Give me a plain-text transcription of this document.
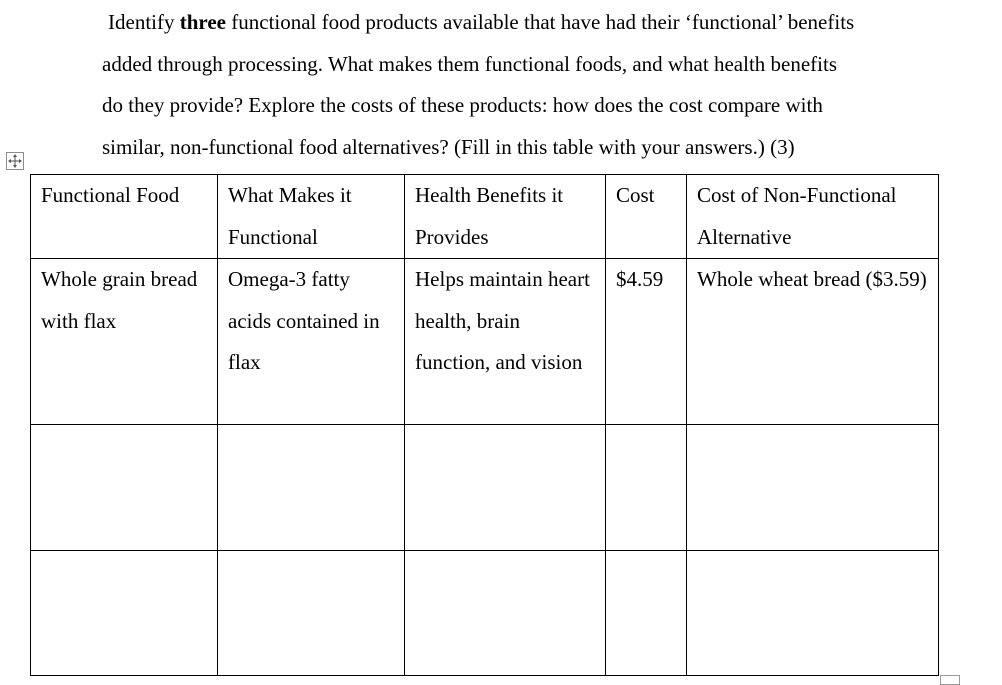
Identify three functional food products available that have had their ‘functional’ benefits
added through processing. What makes them functional foods, and what health benefits
do they provide? Explore the costs of these products: how does the cost compare with
similar, non-functional food alternatives? (Fill in this table with your answers.) (3)

Functional Food	What Makes it Functional	Health Benefits it Provides	Cost	Cost of Non-Functional Alternative
Whole grain bread with flax	Omega-3 fatty acids contained in flax	Helps maintain heart health, brain function, and vision	$4.59	Whole wheat bread ($3.59)
